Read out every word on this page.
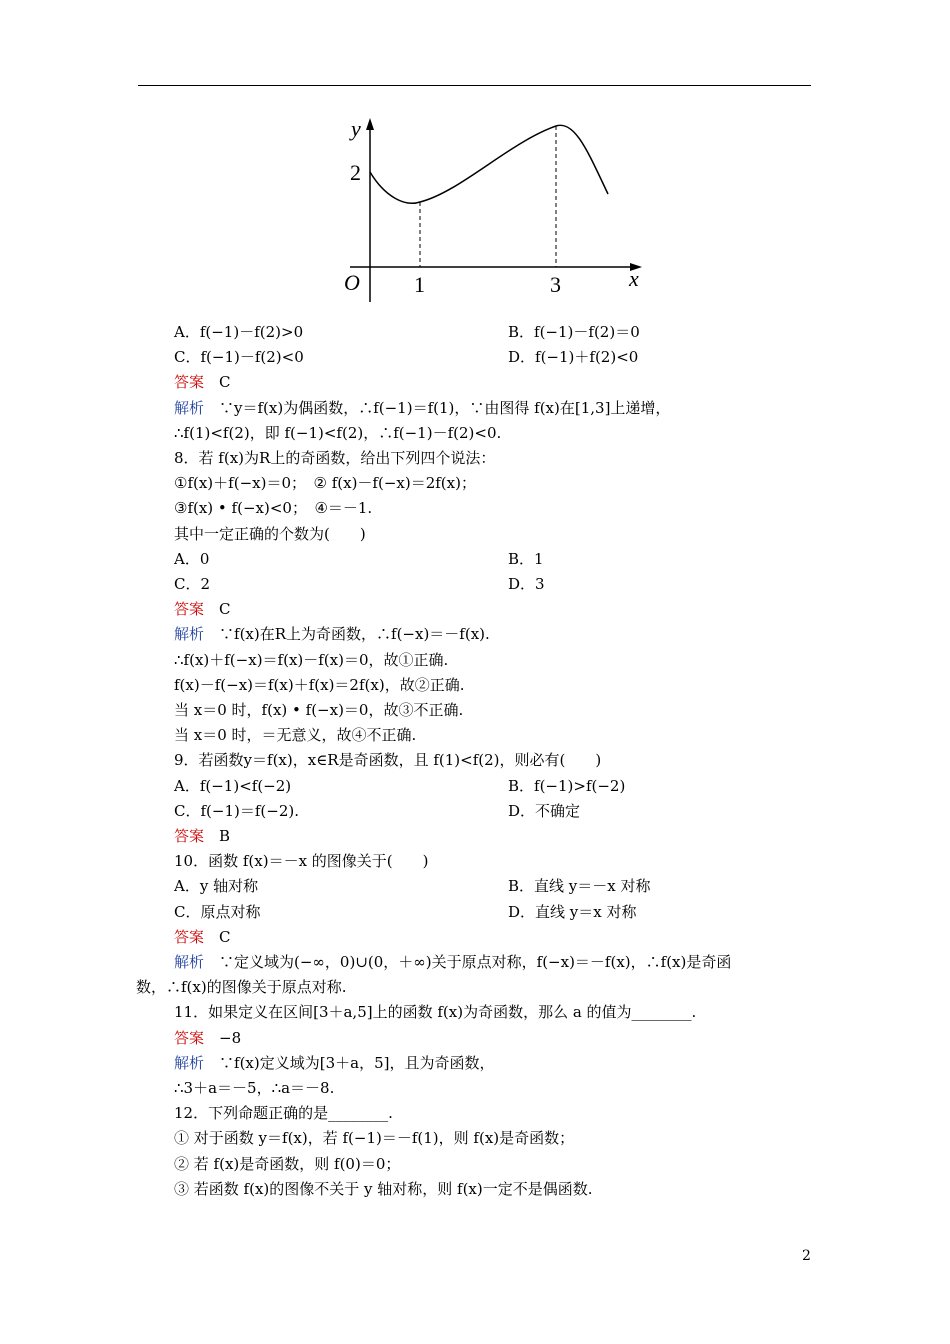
y
2
O 1	3	x
A．f(−1)－f(2)>0	B．f(−1)－f(2)＝0
C．f(−1)－f(2)<0	D．f(−1)＋f(2)<0
答案　C
解析　∵y＝f(x)为偶函数，∴f(−1)＝f(1)，∵由图得 f(x)在[1,3]上递增，
∴f(1)<f(2)，即 f(−1)<f(2)，∴f(−1)－f(2)<0.
8．若 f(x)为R上的奇函数，给出下列四个说法：
①f(x)＋f(−x)＝0；　② f(x)－f(−x)＝2f(x)；
③f(x) • f(−x)<0；　④＝－1.
其中一定正确的个数为(　　)
A．0	B．1
C．2	D．3
答案　C
解析　∵f(x)在R上为奇函数，∴f(−x)＝－f(x).
∴f(x)＋f(−x)＝f(x)－f(x)＝0，故①正确.
f(x)－f(−x)＝f(x)＋f(x)＝2f(x)，故②正确.
当 x＝0 时，f(x) • f(−x)＝0，故③不正确.
当 x＝0 时，＝无意义，故④不正确.
9．若函数y＝f(x)，x∈R是奇函数，且 f(1)<f(2)，则必有(　　)
A．f(−1)<f(−2)	B．f(−1)>f(−2)
C．f(−1)＝f(−2).	D．不确定
答案　B
10．函数 f(x)＝－x 的图像关于(　　)
A．y 轴对称	B．直线 y＝－x 对称
C．原点对称	D．直线 y＝x 对称
答案　C
解析　∵定义域为(−∞，0)∪(0，＋∞)关于原点对称，f(−x)＝－f(x)，∴f(x)是奇函
数，∴f(x)的图像关于原点对称.
11．如果定义在区间[3＋a,5]上的函数 f(x)为奇函数，那么 a 的值为________.
答案　−8
解析　∵f(x)定义域为[3＋a，5]，且为奇函数，
∴3＋a＝－5，∴a＝－8.
12．下列命题正确的是________.
① 对于函数 y＝f(x)，若 f(−1)＝－f(1)，则 f(x)是奇函数；
② 若 f(x)是奇函数，则 f(0)＝0；
③ 若函数 f(x)的图像不关于 y 轴对称，则 f(x)一定不是偶函数.
2
